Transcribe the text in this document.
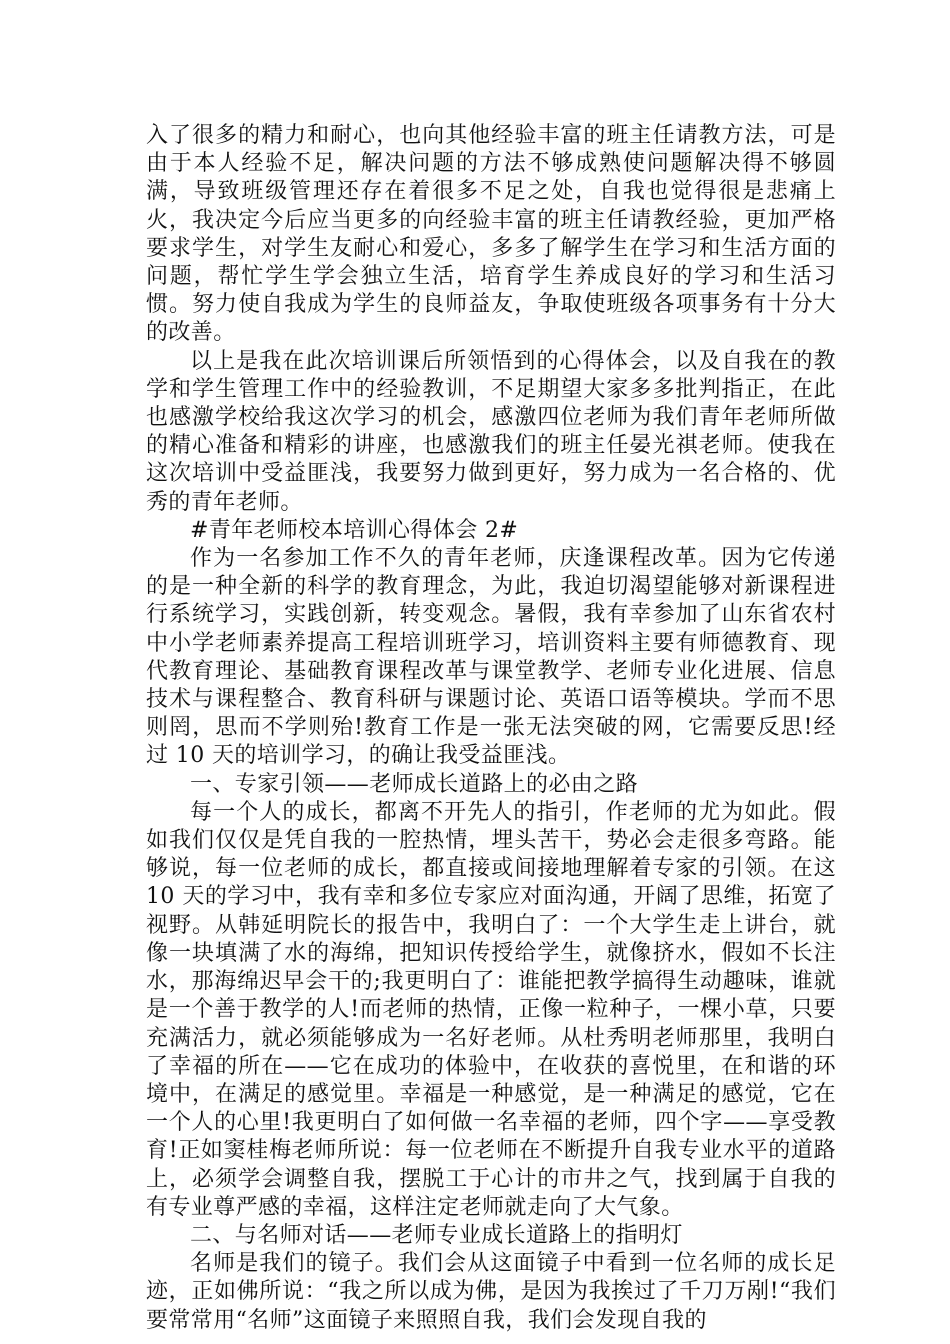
入了很多的精力和耐心，也向其他经验丰富的班主任请教方法，可是由于本人经验不足，解决问题的方法不够成熟使问题解决得不够圆满，导致班级管理还存在着很多不足之处，自我也觉得很是悲痛上火，我决定今后应当更多的向经验丰富的班主任请教经验，更加严格要求学生，对学生友耐心和爱心，多多了解学生在学习和生活方面的问题，帮忙学生学会独立生活，培育学生养成良好的学习和生活习惯。努力使自我成为学生的良师益友，争取使班级各项事务有十分大的改善。

以上是我在此次培训课后所领悟到的心得体会，以及自我在的教学和学生管理工作中的经验教训，不足期望大家多多批判指正，在此也感激学校给我这次学习的机会，感激四位老师为我们青年老师所做的精心准备和精彩的讲座，也感激我们的班主任晏光祺老师。使我在这次培训中受益匪浅，我要努力做到更好，努力成为一名合格的、优秀的青年老师。

#青年老师校本培训心得体会 2#

作为一名参加工作不久的青年老师，庆逢课程改革。因为它传递的是一种全新的科学的教育理念，为此，我迫切渴望能够对新课程进行系统学习，实践创新，转变观念。暑假，我有幸参加了山东省农村中小学老师素养提高工程培训班学习，培训资料主要有师德教育、现代教育理论、基础教育课程改革与课堂教学、老师专业化进展、信息技术与课程整合、教育科研与课题讨论、英语口语等模块。学而不思则罔，思而不学则殆!教育工作是一张无法突破的网，它需要反思!经过 10 天的培训学习，的确让我受益匪浅。

一、专家引领——老师成长道路上的必由之路

每一个人的成长，都离不开先人的指引，作老师的尤为如此。假如我们仅仅是凭自我的一腔热情，埋头苦干，势必会走很多弯路。能够说，每一位老师的成长，都直接或间接地理解着专家的引领。在这 10 天的学习中，我有幸和多位专家应对面沟通，开阔了思维，拓宽了视野。从韩延明院长的报告中，我明白了：一个大学生走上讲台，就像一块填满了水的海绵，把知识传授给学生，就像挤水，假如不长注水，那海绵迟早会干的;我更明白了：谁能把教学搞得生动趣味，谁就是一个善于教学的人!而老师的热情，正像一粒种子，一棵小草，只要充满活力，就必须能够成为一名好老师。从杜秀明老师那里，我明白了幸福的所在——它在成功的体验中，在收获的喜悦里，在和谐的环境中，在满足的感觉里。幸福是一种感觉，是一种满足的感觉，它在一个人的心里!我更明白了如何做一名幸福的老师，四个字——享受教育!正如窦桂梅老师所说：每一位老师在不断提升自我专业水平的道路上，必须学会调整自我，摆脱工于心计的市井之气，找到属于自我的有专业尊严感的幸福，这样注定老师就走向了大气象。

二、与名师对话——老师专业成长道路上的指明灯

名师是我们的镜子。我们会从这面镜子中看到一位名师的成长足迹，正如佛所说：“我之所以成为佛，是因为我挨过了千刀万剐!“我们要常常用“名师”这面镜子来照照自我，我们会发现自我的
